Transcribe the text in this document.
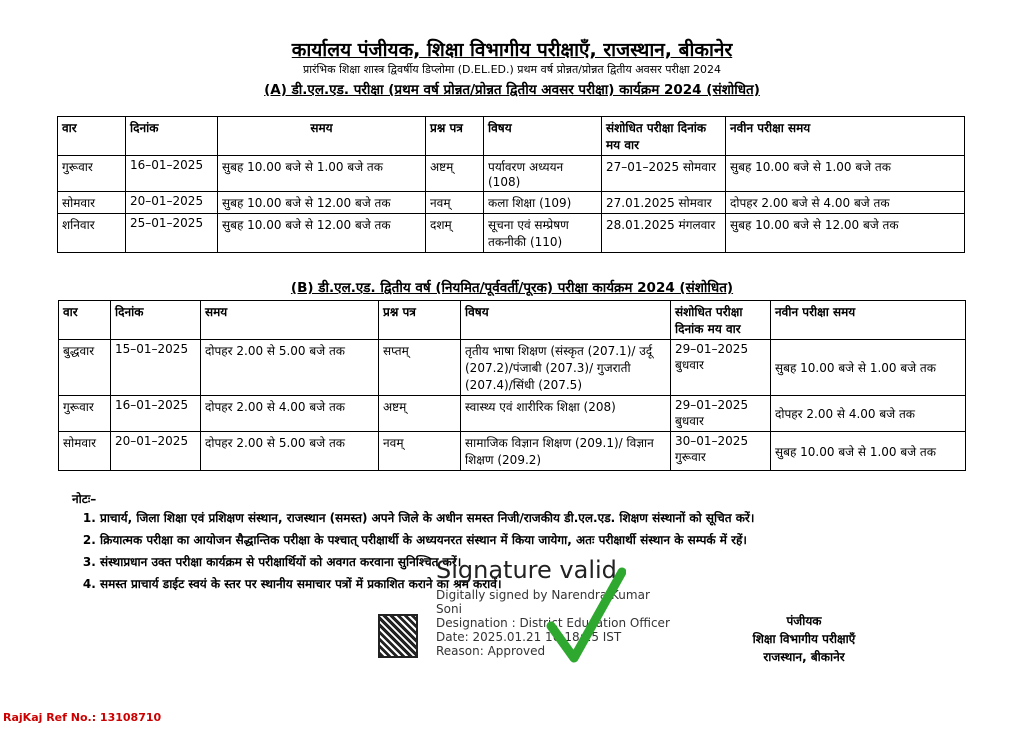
कार्यालय पंजीयक, शिक्षा विभागीय परीक्षाएँ, राजस्थान, बीकानेर
प्रारंभिक शिक्षा शास्त्र द्विवर्षीय डिप्लोमा (D.EL.ED.) प्रथम वर्ष प्रोन्नत/प्रोन्नत द्वितीय अवसर परीक्षा 2024
(A) डी.एल.एड. परीक्षा (प्रथम वर्ष प्रोन्नत/प्रोन्नत द्वितीय अवसर परीक्षा) कार्यक्रम 2024 (संशोधित)
वार	दिनांक	समय	प्रश्न पत्र	विषय	संशोधित परीक्षा दिनांक मय वार	नवीन परीक्षा समय
गुरूवार	16–01–2025	सुबह 10.00 बजे से 1.00 बजे तक	अष्टम्	पर्यावरण अध्ययन (108)	27–01–2025 सोमवार	सुबह 10.00 बजे से 1.00 बजे तक
सोमवार	20–01–2025	सुबह 10.00 बजे से 12.00 बजे तक	नवम्	कला शिक्षा (109)	27.01.2025 सोमवार	दोपहर 2.00 बजे से 4.00 बजे तक
शनिवार	25–01–2025	सुबह 10.00 बजे से 12.00 बजे तक	दशम्	सूचना एवं सम्प्रेषण तकनीकी (110)	28.01.2025 मंगलवार	सुबह 10.00 बजे से 12.00 बजे तक
(B) डी.एल.एड. द्वितीय वर्ष (नियमित/पूर्ववर्ती/पूरक) परीक्षा कार्यक्रम 2024 (संशोधित)
वार	दिनांक	समय	प्रश्न पत्र	विषय	संशोधित परीक्षा दिनांक मय वार	नवीन परीक्षा समय
बुद्धवार	15–01–2025	दोपहर 2.00 से 5.00 बजे तक	सप्तम्	तृतीय भाषा शिक्षण (संस्कृत (207.1)/ उर्दू (207.2)/पंजाबी (207.3)/ गुजराती (207.4)/सिंधी (207.5)	29–01–2025 बुधवार	सुबह 10.00 बजे से 1.00 बजे तक
गुरूवार	16–01–2025	दोपहर 2.00 से 4.00 बजे तक	अष्टम्	स्वास्थ्य एवं शारीरिक शिक्षा (208)	29–01–2025 बुधवार	दोपहर 2.00 से 4.00 बजे तक
सोमवार	20–01–2025	दोपहर 2.00 से 5.00 बजे तक	नवम्	सामाजिक विज्ञान शिक्षण (209.1)/ विज्ञान शिक्षण (209.2)	30–01–2025 गुरूवार	सुबह 10.00 बजे से 1.00 बजे तक
नोटः–
1. प्राचार्य, जिला शिक्षा एवं प्रशिक्षण संस्थान, राजस्थान (समस्त) अपने जिले के अधीन समस्त निजी/राजकीय डी.एल.एड. शिक्षण संस्थानों को सूचित करें।
2. क्रियात्मक परीक्षा का आयोजन सैद्धान्तिक परीक्षा के पश्चात् परीक्षार्थी के अध्ययनरत संस्थान में किया जायेगा, अतः परीक्षार्थी संस्थान के सम्पर्क में रहें।
3. संस्थाप्रधान उक्त परीक्षा कार्यक्रम से परीक्षार्थियों को अवगत करवाना सुनिश्चित करें।
4. समस्त प्राचार्य डाईट स्वयं के स्तर पर स्थानीय समाचार पत्रों में प्रकाशित कराने का श्रम करावें।
Signature valid
Digitally signed by Narendra Kumar
Soni
Designation : District Education Officer
Date: 2025.01.21 10:18:25 IST
Reason: Approved
पंजीयक
शिक्षा विभागीय परीक्षाएँ
राजस्थान, बीकानेर
RajKaj Ref No.: 13108710
